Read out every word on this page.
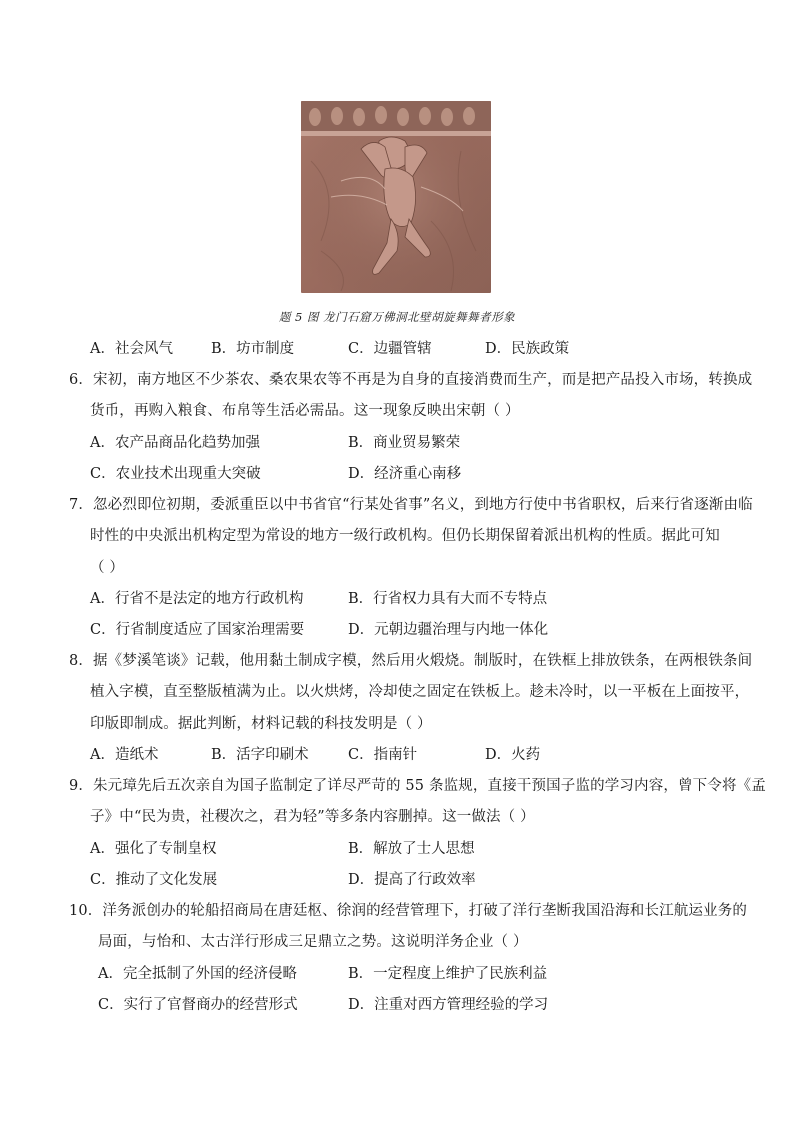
题 5 图 龙门石窟万佛洞北壁胡旋舞舞者形象
A．社会风气	B．坊市制度	C．边疆管辖	D．民族政策
6．宋初，南方地区不少茶农、桑农果农等不再是为自身的直接消费而生产，而是把产品投入市场，转换成
货币，再购入粮食、布帛等生活必需品。这一现象反映出宋朝（ ）
A．农产品商品化趋势加强	B．商业贸易繁荣
C．农业技术出现重大突破	D．经济重心南移
7．忽必烈即位初期，委派重臣以中书省官“行某处省事”名义，到地方行使中书省职权，后来行省逐渐由临
时性的中央派出机构定型为常设的地方一级行政机构。但仍长期保留着派出机构的性质。据此可知
（ ）
A．行省不是法定的地方行政机构	B．行省权力具有大而不专特点
C．行省制度适应了国家治理需要	D．元朝边疆治理与内地一体化
8．据《梦溪笔谈》记载，他用黏土制成字模，然后用火煅烧。制版时，在铁框上排放铁条，在两根铁条间
植入字模，直至整版植满为止。以火烘烤，冷却使之固定在铁板上。趁未冷时，以一平板在上面按平，
印版即制成。据此判断，材料记载的科技发明是（ ）
A．造纸术	B．活字印刷术	C．指南针	D．火药
9．朱元璋先后五次亲自为国子监制定了详尽严苛的 55 条监规，直接干预国子监的学习内容，曾下令将《孟
子》中“民为贵，社稷次之，君为轻”等多条内容删掉。这一做法（ ）
A．强化了专制皇权	B．解放了士人思想
C．推动了文化发展	D．提高了行政效率
10．洋务派创办的轮船招商局在唐廷枢、徐润的经营管理下，打破了洋行垄断我国沿海和长江航运业务的
局面，与怡和、太古洋行形成三足鼎立之势。这说明洋务企业（ ）
A．完全抵制了外国的经济侵略	B．一定程度上维护了民族利益
C．实行了官督商办的经营形式	D．注重对西方管理经验的学习
